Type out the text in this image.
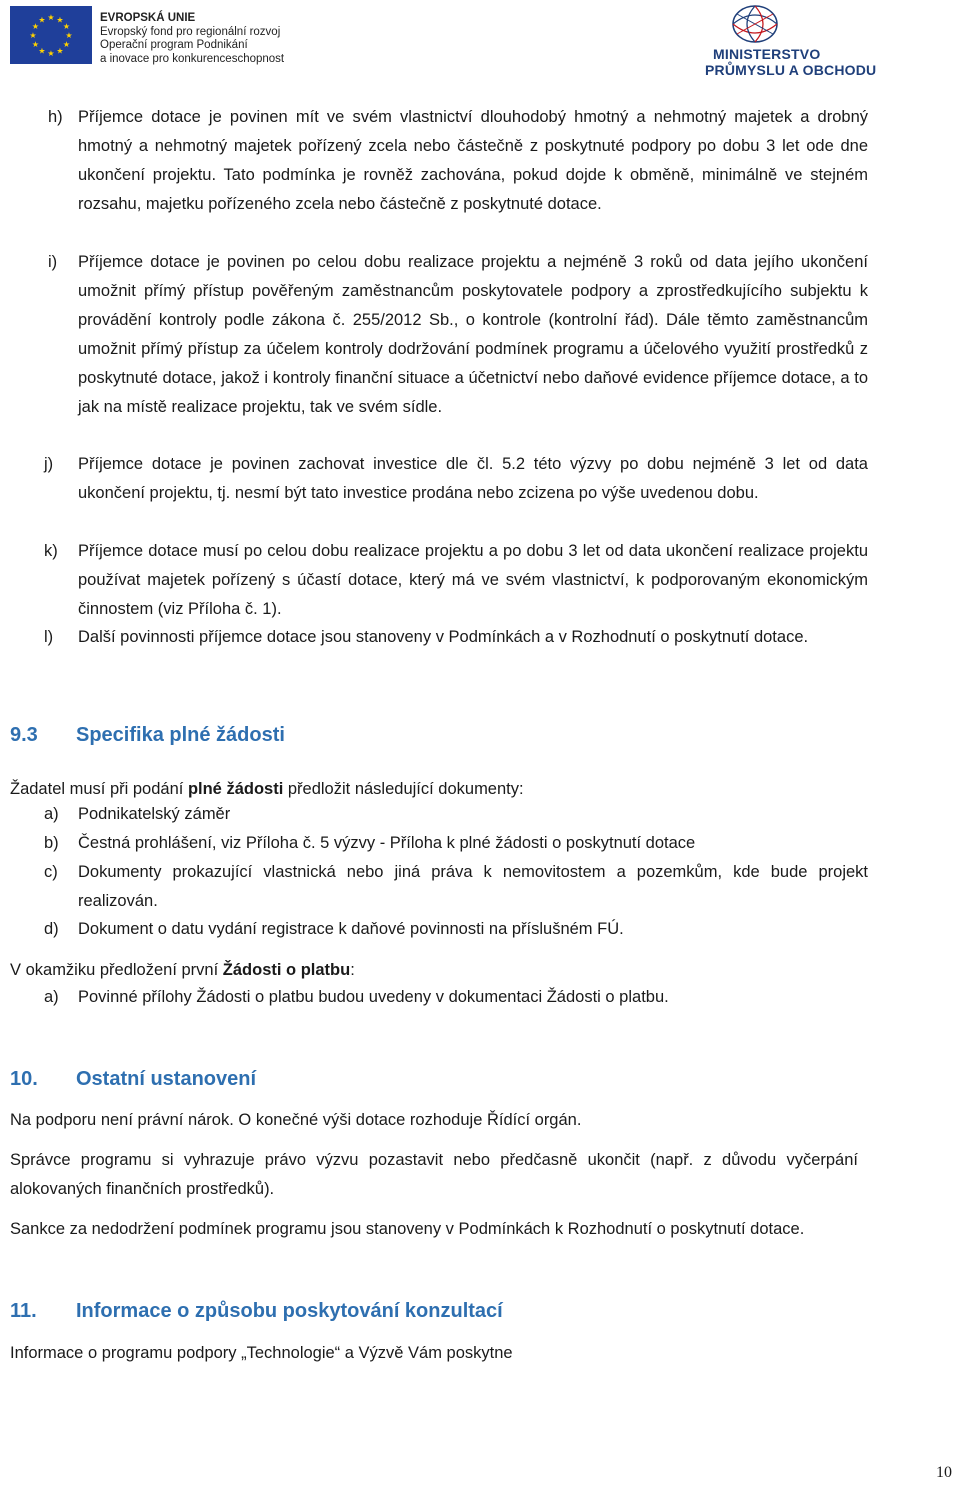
★ ★
★
★
★
★
★
★
★
★
★
★	EVROPSKÁ UNIE
Evropský fond pro regionální rozvoj
Operační program Podnikání
a inovace pro konkurenceschopnost	MINISTERSTVO
PRŮMYSLU A OBCHODU
h) Příjemce dotace je povinen mít ve svém vlastnictví dlouhodobý hmotný a nehmotný majetek a drobný hmotný a nehmotný majetek pořízený zcela nebo částečně z poskytnuté podpory po dobu 3 let ode dne ukončení projektu. Tato podmínka je rovněž zachována, pokud dojde k obměně, minimálně ve stejném rozsahu, majetku pořízeného zcela nebo částečně z poskytnuté dotace.
i) Příjemce dotace je povinen po celou dobu realizace projektu a nejméně 3 roků od data jejího ukončení umožnit přímý přístup pověřeným zaměstnancům poskytovatele podpory a zprostředkujícího subjektu k provádění kontroly podle zákona č. 255/2012 Sb., o kontrole (kontrolní řád). Dále těmto zaměstnancům umožnit přímý přístup za účelem kontroly dodržování podmínek programu a účelového využití prostředků z poskytnuté dotace, jakož i kontroly finanční situace a účetnictví nebo daňové evidence příjemce dotace, a to jak na místě realizace projektu, tak ve svém sídle.
j) Příjemce dotace je povinen zachovat investice dle čl. 5.2 této výzvy po dobu nejméně 3 let od data ukončení projektu, tj. nesmí být tato investice prodána nebo zcizena po výše uvedenou dobu.
k) Příjemce dotace musí po celou dobu realizace projektu a po dobu 3 let od data ukončení realizace projektu používat majetek pořízený s účastí dotace, který má ve svém vlastnictví, k podporovaným ekonomickým činnostem (viz Příloha č. 1).
l) Další povinnosti příjemce dotace jsou stanoveny v Podmínkách a v Rozhodnutí o poskytnutí dotace.
9.3 Specifika plné žádosti
Žadatel musí při podání plné žádosti předložit následující dokumenty:
a) Podnikatelský záměr
b) Čestná prohlášení, viz Příloha č. 5 výzvy - Příloha k plné žádosti o poskytnutí dotace
c) Dokumenty prokazující vlastnická nebo jiná práva k nemovitostem a pozemkům, kde bude projekt realizován.
d) Dokument o datu vydání registrace k daňové povinnosti na příslušném FÚ.
V okamžiku předložení první Žádosti o platbu:
a) Povinné přílohy Žádosti o platbu budou uvedeny v dokumentaci Žádosti o platbu.
10. Ostatní ustanovení
Na podporu není právní nárok. O konečné výši dotace rozhoduje Řídící orgán.
Správce programu si vyhrazuje právo výzvu pozastavit nebo předčasně ukončit (např. z důvodu vyčerpání alokovaných finančních prostředků).
Sankce za nedodržení podmínek programu jsou stanoveny v Podmínkách k Rozhodnutí o poskytnutí dotace.
11. Informace o způsobu poskytování konzultací
Informace o programu podpory „Technologie“ a Výzvě Vám poskytne
10
